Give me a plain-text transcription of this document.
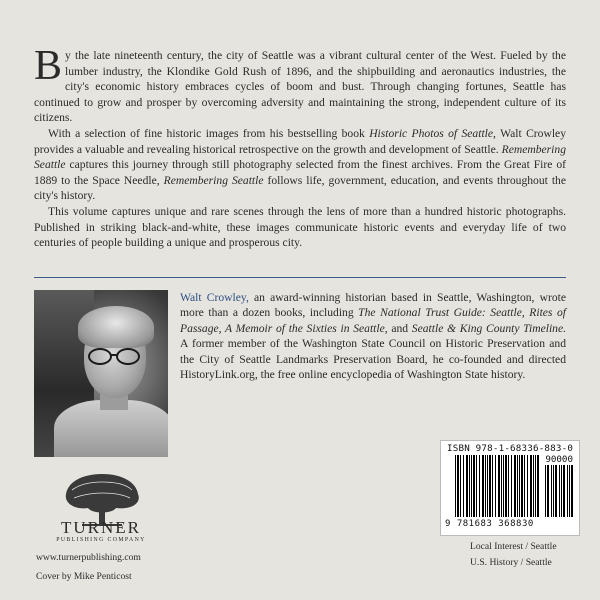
By the late nineteenth century, the city of Seattle was a vibrant cultural center of the West. Fueled by the lumber industry, the Klondike Gold Rush of 1896, and the shipbuilding and aeronautics industries, the city's economic history embraces cycles of boom and bust. Through changing fortunes, Seattle has continued to grow and prosper by overcoming adversity and maintaining the strong, independent culture of its citizens.

With a selection of fine historic images from his bestselling book Historic Photos of Seattle, Walt Crowley provides a valuable and revealing historical retrospective on the growth and development of Seattle. Remembering Seattle captures this journey through still photography selected from the finest archives. From the Great Fire of 1889 to the Space Needle, Remembering Seattle follows life, government, education, and events throughout the city's history.

This volume captures unique and rare scenes through the lens of more than a hundred historic photographs. Published in striking black-and-white, these images communicate historic events and everyday life of two centuries of people building a unique and prosperous city.

Walt Crowley, an award-winning historian based in Seattle, Washington, wrote more than a dozen books, including The National Trust Guide: Seattle, Rites of Passage, A Memoir of the Sixties in Seattle, and Seattle & King County Timeline. A former member of the Washington State Council on Historic Preservation and the City of Seattle Landmarks Preservation Board, he co-founded and directed HistoryLink.org, the free online encyclopedia of Washington State history.
ISBN 978-1-68336-883-0
90000
9 781683 368830
Local Interest / Seattle
U.S. History / Seattle
TURNER
PUBLISHING COMPANY
www.turnerpublishing.com
Cover by Mike Penticost
